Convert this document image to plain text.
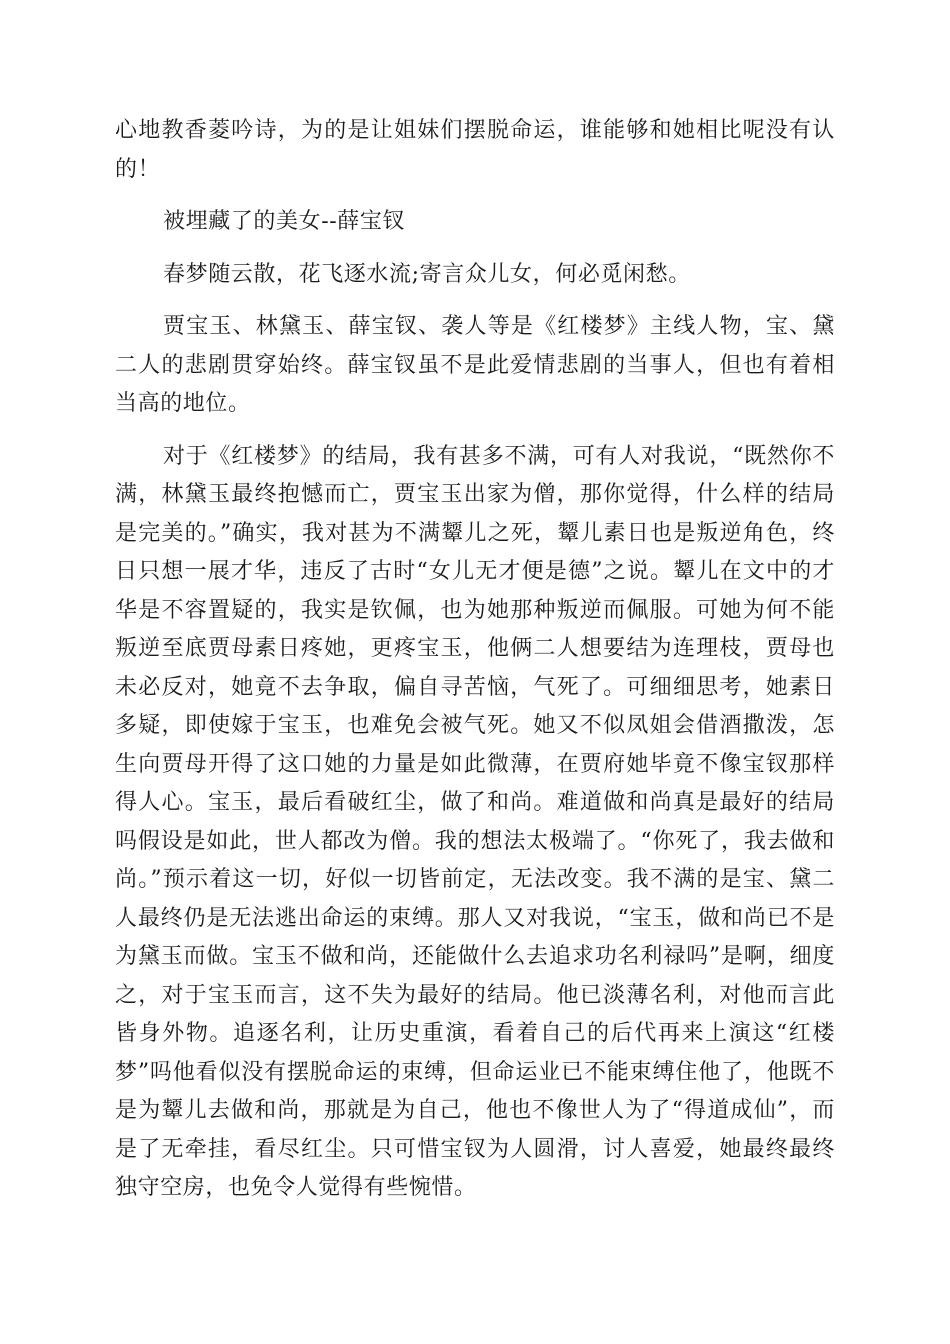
心地教香菱吟诗，为的是让姐妹们摆脱命运，谁能够和她相比呢没有认的！

被埋藏了的美女--薛宝钗

春梦随云散，花飞逐水流;寄言众儿女，何必觅闲愁。

贾宝玉、林黛玉、薛宝钗、袭人等是《红楼梦》主线人物，宝、黛二人的悲剧贯穿始终。薛宝钗虽不是此爱情悲剧的当事人，但也有着相当高的地位。

对于《红楼梦》的结局，我有甚多不满，可有人对我说，“既然你不满，林黛玉最终抱憾而亡，贾宝玉出家为僧，那你觉得，什么样的结局是完美的。”确实，我对甚为不满颦儿之死，颦儿素日也是叛逆角色，终日只想一展才华，违反了古时“女儿无才便是德”之说。颦儿在文中的才华是不容置疑的，我实是钦佩，也为她那种叛逆而佩服。可她为何不能叛逆至底贾母素日疼她，更疼宝玉，他俩二人想要结为连理枝，贾母也未必反对，她竟不去争取，偏自寻苦恼，气死了。可细细思考，她素日多疑，即使嫁于宝玉，也难免会被气死。她又不似凤姐会借酒撒泼，怎生向贾母开得了这口她的力量是如此微薄，在贾府她毕竟不像宝钗那样得人心。宝玉，最后看破红尘，做了和尚。难道做和尚真是最好的结局吗假设是如此，世人都改为僧。我的想法太极端了。“你死了，我去做和尚。”预示着这一切，好似一切皆前定，无法改变。我不满的是宝、黛二人最终仍是无法逃出命运的束缚。那人又对我说，“宝玉，做和尚已不是为黛玉而做。宝玉不做和尚，还能做什么去追求功名利禄吗”是啊，细度之，对于宝玉而言，这不失为最好的结局。他已淡薄名利，对他而言此皆身外物。追逐名利，让历史重演，看着自己的后代再来上演这“红楼梦”吗他看似没有摆脱命运的束缚，但命运业已不能束缚住他了，他既不是为颦儿去做和尚，那就是为自己，他也不像世人为了“得道成仙”，而是了无牵挂，看尽红尘。只可惜宝钗为人圆滑，讨人喜爱，她最终最终独守空房，也免令人觉得有些惋惜。
